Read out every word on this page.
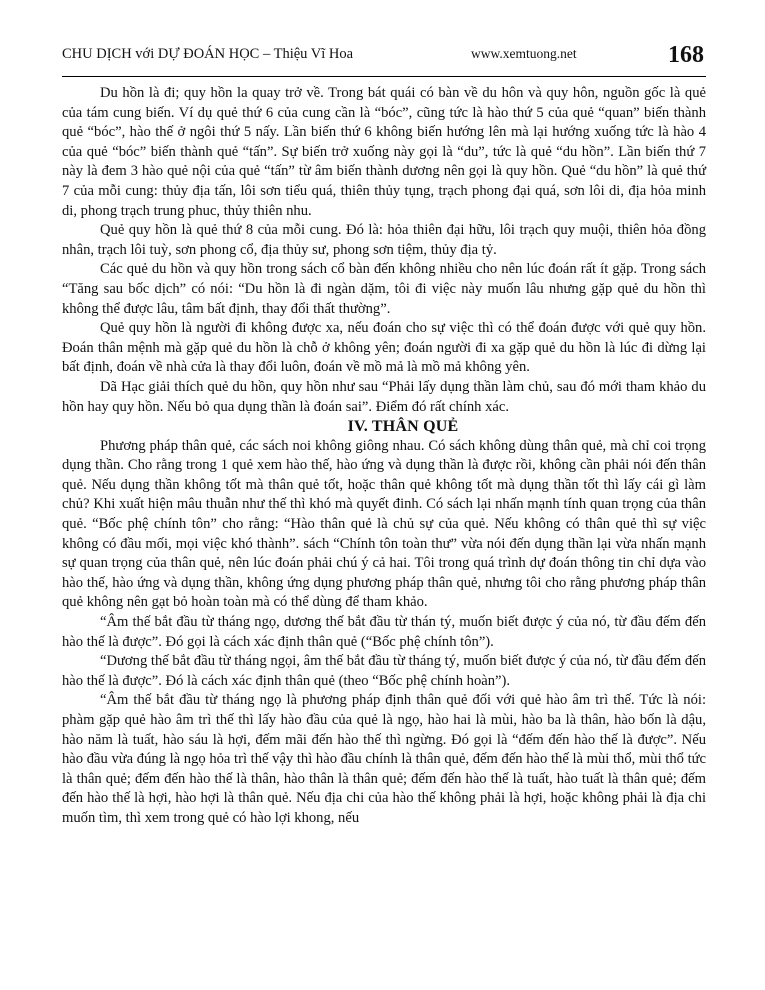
CHU DỊCH với DỰ ĐOÁN HỌC – Thiệu Vĩ Hoa	www.xemtuong.net	168

Du hồn là đi; quy hồn la quay trở về. Trong bát quái có bàn về du hôn và quy hôn, nguồn gốc là quẻ của tám cung biến. Ví dụ quẻ thứ 6 của cung cần là “bóc”, cũng tức là hào thứ 5 của quẻ “quan” biến thành quẻ “bóc”, hào thế ở ngôi thứ 5 nấy. Lần biến thứ 6 không biến hướng lên mà lại hướng xuống tức là hào 4 của quẻ “bóc” biến thành quẻ “tấn”. Sự biến trở xuống này gọi là “du”, tức là quẻ “du hồn”. Lần biến thứ 7 này là đem 3 hào quẻ nội của quẻ “tấn” từ âm biến thành dương nên gọi là quy hồn. Quẻ “du hồn” là quẻ thứ 7 của mỗi cung: thủy địa tấn, lôi sơn tiểu quá, thiên thủy tụng, trạch phong đại quá, sơn lôi di, địa hỏa minh di, phong trạch trung phuc, thủy thiên nhu.

Quẻ quy hồn là quẻ thứ 8 của mỗi cung. Đó là: hỏa thiên đại hữu, lôi trạch quy muội, thiên hỏa đồng nhân, trạch lôi tuỳ, sơn phong cổ, địa thủy sư, phong sơn tiệm, thủy địa tỷ.

Các quẻ du hồn và quy hồn trong sách cổ bàn đến không nhiều cho nên lúc đoán rất ít gặp. Trong sách “Tăng sau bốc dịch” có nói: “Du hồn là đi ngàn dặm, tôi đi việc này muốn lâu nhưng gặp quẻ du hồn thì không thể được lâu, tâm bất định, thay đổi thất thường”.

Quẻ quy hồn là người đi không được xa, nếu đoán cho sự việc thì có thể đoán được với quẻ quy hồn. Đoán thân mệnh mà gặp quẻ du hồn là chỗ ở không yên; đoán người đi xa gặp quẻ du hồn là lúc đi dừng lại bất định, đoán về nhà cửa là thay đổi luôn, đoán về mồ mả là mồ mả không yên.

Dã Hạc giải thích quẻ du hồn, quy hồn như sau “Phải lấy dụng thần làm chủ, sau đó mới tham khảo du hồn hay quy hồn. Nếu bỏ qua dụng thần là đoán sai”. Điểm đó rất chính xác.

IV. THÂN QUẺ

Phương pháp thân quẻ, các sách noi không giông nhau. Có sách không dùng thân quẻ, mà chỉ coi trọng dụng thần. Cho rằng trong 1 quẻ xem hào thế, hào ứng và dụng thần là được rồi, không cần phải nói đến thân quẻ. Nếu dụng thần không tốt mà thân quẻ tốt, hoặc thân quẻ không tốt mà dụng thần tốt thì lấy cái gì làm chủ? Khi xuất hiện mâu thuẫn như thế thì khó mà quyết đinh. Có sách lại nhấn mạnh tính quan trọng của thân quẻ. “Bốc phệ chính tôn” cho rằng: “Hào thân quẻ là chủ sự của quẻ. Nếu không có thân quẻ thì sự việc không có đầu mối, mọi việc khó thành”. sách “Chính tôn toàn thư” vừa nói đến dụng thần lại vừa nhấn mạnh sự quan trọng của thân quẻ, nên lúc đoán phải chú ý cả hai. Tôi trong quá trình dự đoán thông tin chỉ dựa vào hào thế, hào ứng và dụng thần, không ứng dụng phương pháp thân quẻ, nhưng tôi cho rằng phương pháp thân quẻ không nên gạt bỏ hoàn toàn mà có thể dùng để tham khảo.

“Âm thế bắt đầu từ tháng ngọ, dương thế bắt đầu từ thán tý, muốn biết được ý của nó, từ đầu đếm đến hào thế là được”. Đó gọi là cách xác định thân quẻ (“Bốc phệ chính tôn”).

“Dương thế bắt đầu từ tháng ngọi, âm thế bắt đầu từ tháng tý, muốn biết được ý của nó, từ đầu đếm đến hào thế là được”. Đó là cách xác định thân quẻ (theo “Bốc phệ chính hoàn”).

“Âm thế bắt đầu từ tháng ngọ là phương pháp định thân quẻ đối với quẻ hào âm trì thế. Tức là nói: phàm gặp quẻ hào âm trì thế thì lấy hào đầu của quẻ là ngọ, hào hai là mùi, hào ba là thân, hào bốn là dậu, hào năm là tuất, hào sáu là hợi, đếm mãi đến hào thế thì ngừng. Đó gọi là “đếm đến hào thế là được”. Nếu hào đầu vừa đúng là ngọ hỏa trì thế vậy thì hào đầu chính là thân quẻ, đếm đến hào thế là mùi thổ, mùi thổ tức là thân quẻ; đếm đến hào thế là thân, hào thân là thân quẻ; đếm đến hào thế là tuất, hào tuất là thân quẻ; đếm đến hào thế là hợi, hào hợi là thân quẻ. Nếu địa chi của hào thế không phải là hợi, hoặc không phải là địa chi muốn tìm, thì xem trong quẻ có hào lợi khong, nếu
